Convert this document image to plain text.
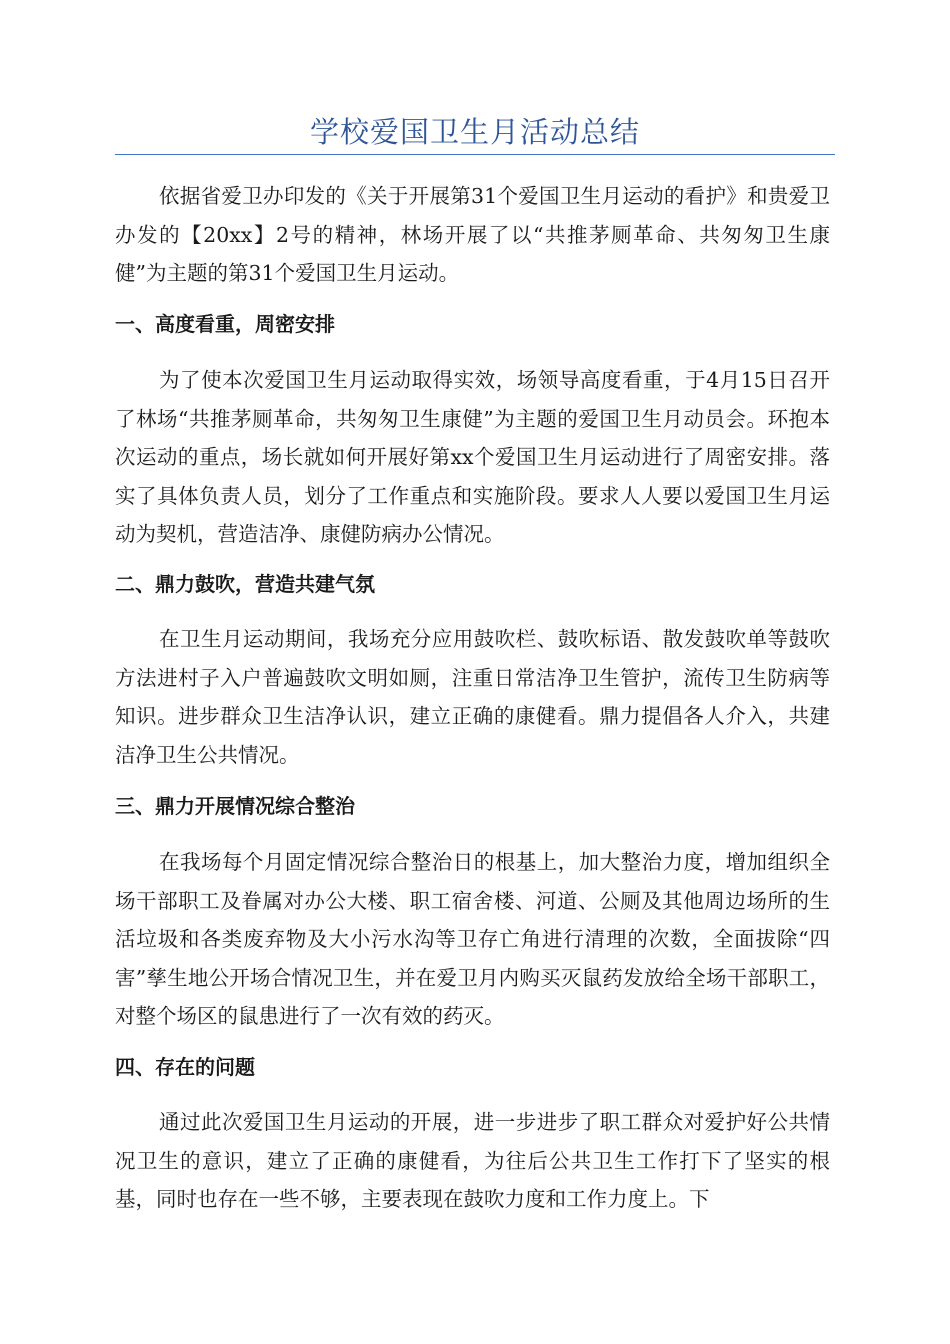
学校爱国卫生月活动总结

依据省爱卫办印发的《关于开展第31个爱国卫生月运动的看护》和贵爱卫办发的【20xx】2号的精神，林场开展了以“共推茅厕革命、共匆匆卫生康健”为主题的第31个爱国卫生月运动。

一、高度看重，周密安排

为了使本次爱国卫生月运动取得实效，场领导高度看重，于4月15日召开了林场“共推茅厕革命，共匆匆卫生康健”为主题的爱国卫生月动员会。环抱本次运动的重点，场长就如何开展好第xx个爱国卫生月运动进行了周密安排。落实了具体负责人员，划分了工作重点和实施阶段。要求人人要以爱国卫生月运动为契机，营造洁净、康健防病办公情况。

二、鼎力鼓吹，营造共建气氛

在卫生月运动期间，我场充分应用鼓吹栏、鼓吹标语、散发鼓吹单等鼓吹方法进村子入户普遍鼓吹文明如厕，注重日常洁净卫生管护，流传卫生防病等知识。进步群众卫生洁净认识，建立正确的康健看。鼎力提倡各人介入，共建洁净卫生公共情况。

三、鼎力开展情况综合整治

在我场每个月固定情况综合整治日的根基上，加大整治力度，增加组织全场干部职工及眷属对办公大楼、职工宿舍楼、河道、公厕及其他周边场所的生活垃圾和各类废弃物及大小污水沟等卫存亡角进行清理的次数，全面拔除“四害”孳生地公开场合情况卫生，并在爱卫月内购买灭鼠药发放给全场干部职工，对整个场区的鼠患进行了一次有效的药灭。

四、存在的问题

通过此次爱国卫生月运动的开展，进一步进步了职工群众对爱护好公共情况卫生的意识，建立了正确的康健看，为往后公共卫生工作打下了坚实的根基，同时也存在一些不够，主要表现在鼓吹力度和工作力度上。下
